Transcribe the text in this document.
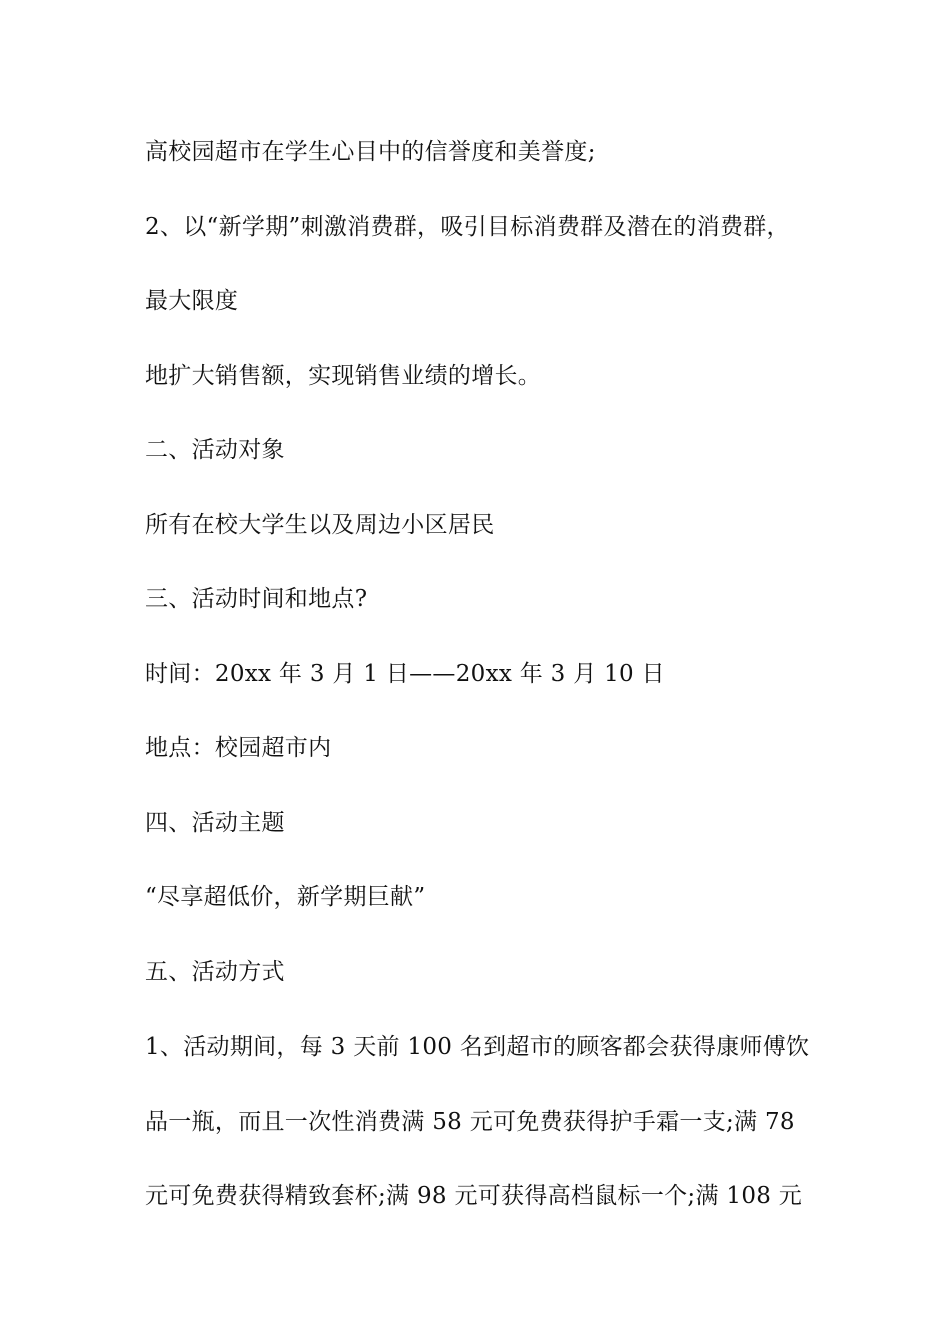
高校园超市在学生心目中的信誉度和美誉度;
2、以“新学期”刺激消费群，吸引目标消费群及潜在的消费群，
最大限度
地扩大销售额，实现销售业绩的增长。
二、活动对象
所有在校大学生以及周边小区居民
三、活动时间和地点?
时间：20xx 年 3 月 1 日——20xx 年 3 月 10 日
地点：校园超市内
四、活动主题
“尽享超低价，新学期巨献”
五、活动方式
1、活动期间，每 3 天前 100 名到超市的顾客都会获得康师傅饮
品一瓶，而且一次性消费满 58 元可免费获得护手霜一支;满 78
元可免费获得精致套杯;满 98 元可获得高档鼠标一个;满 108 元
